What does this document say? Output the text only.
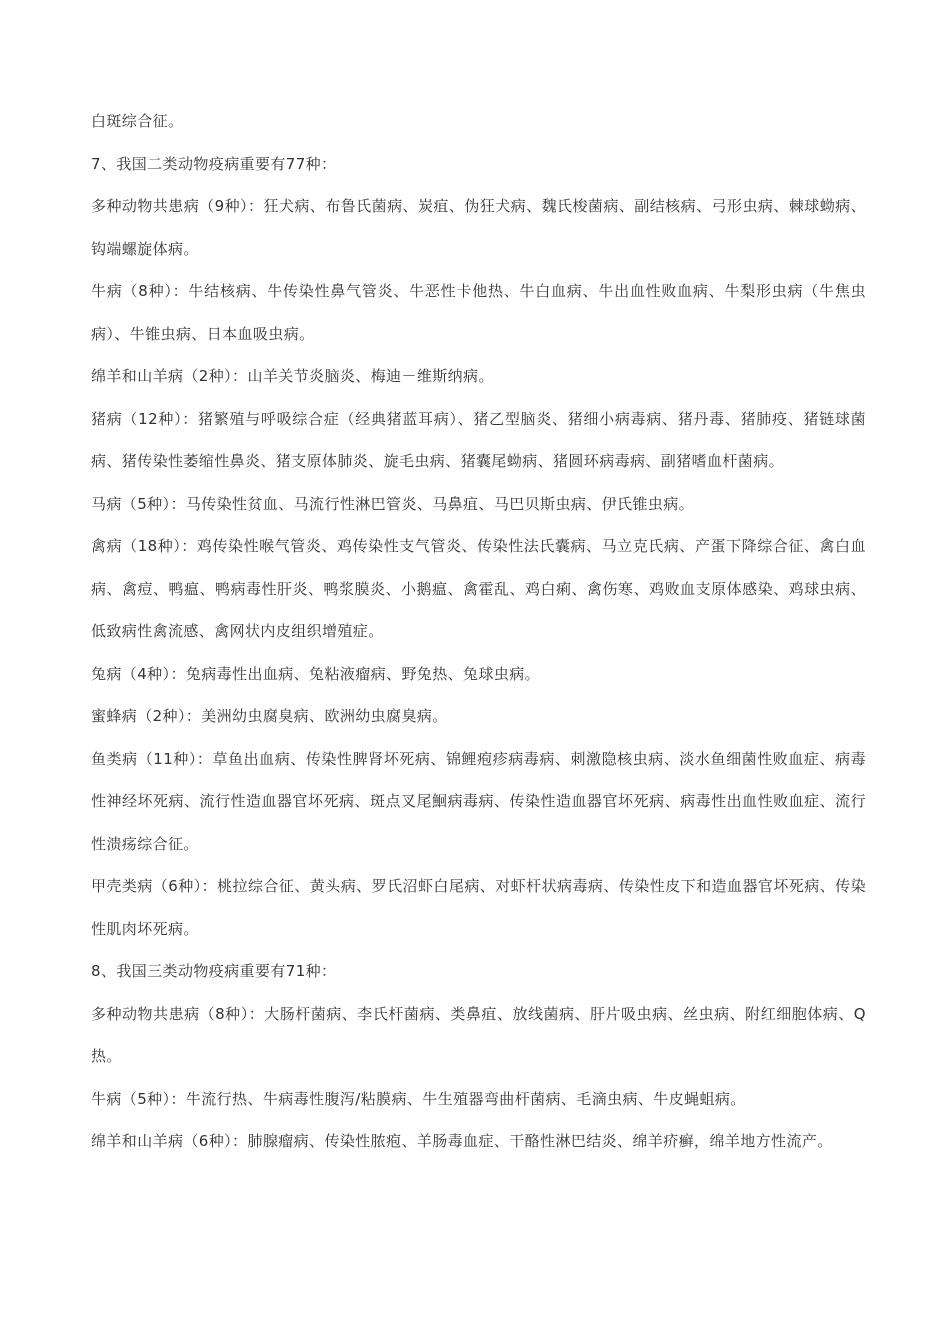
白斑综合征。

7、我国二类动物疫病重要有77种：

多种动物共患病（9种）：狂犬病、布鲁氏菌病、炭疽、伪狂犬病、魏氏梭菌病、副结核病、弓形虫病、棘球蚴病、钩端螺旋体病。

牛病（8种）：牛结核病、牛传染性鼻气管炎、牛恶性卡他热、牛白血病、牛出血性败血病、牛梨形虫病（牛焦虫病）、牛锥虫病、日本血吸虫病。

绵羊和山羊病（2种）：山羊关节炎脑炎、梅迪－维斯纳病。

猪病（12种）：猪繁殖与呼吸综合症（经典猪蓝耳病）、猪乙型脑炎、猪细小病毒病、猪丹毒、猪肺疫、猪链球菌病、猪传染性萎缩性鼻炎、猪支原体肺炎、旋毛虫病、猪囊尾蚴病、猪圆环病毒病、副猪嗜血杆菌病。

马病（5种）：马传染性贫血、马流行性淋巴管炎、马鼻疽、马巴贝斯虫病、伊氏锥虫病。

禽病（18种）：鸡传染性喉气管炎、鸡传染性支气管炎、传染性法氏囊病、马立克氏病、产蛋下降综合征、禽白血病、禽痘、鸭瘟、鸭病毒性肝炎、鸭浆膜炎、小鹅瘟、禽霍乱、鸡白痢、禽伤寒、鸡败血支原体感染、鸡球虫病、低致病性禽流感、禽网状内皮组织增殖症。

兔病（4种）：兔病毒性出血病、兔粘液瘤病、野兔热、兔球虫病。

蜜蜂病（2种）：美洲幼虫腐臭病、欧洲幼虫腐臭病。

鱼类病（11种）：草鱼出血病、传染性脾肾坏死病、锦鲤疱疹病毒病、刺激隐核虫病、淡水鱼细菌性败血症、病毒性神经坏死病、流行性造血器官坏死病、斑点叉尾鮰病毒病、传染性造血器官坏死病、病毒性出血性败血症、流行性溃疡综合征。

甲壳类病（6种）：桃拉综合征、黄头病、罗氏沼虾白尾病、对虾杆状病毒病、传染性皮下和造血器官坏死病、传染性肌肉坏死病。

8、我国三类动物疫病重要有71种：

多种动物共患病（8种）：大肠杆菌病、李氏杆菌病、类鼻疽、放线菌病、肝片吸虫病、丝虫病、附红细胞体病、Q热。

牛病（5种）：牛流行热、牛病毒性腹泻/粘膜病、牛生殖器弯曲杆菌病、毛滴虫病、牛皮蝇蛆病。

绵羊和山羊病（6种）：肺腺瘤病、传染性脓疱、羊肠毒血症、干酪性淋巴结炎、绵羊疥癣，绵羊地方性流产。
